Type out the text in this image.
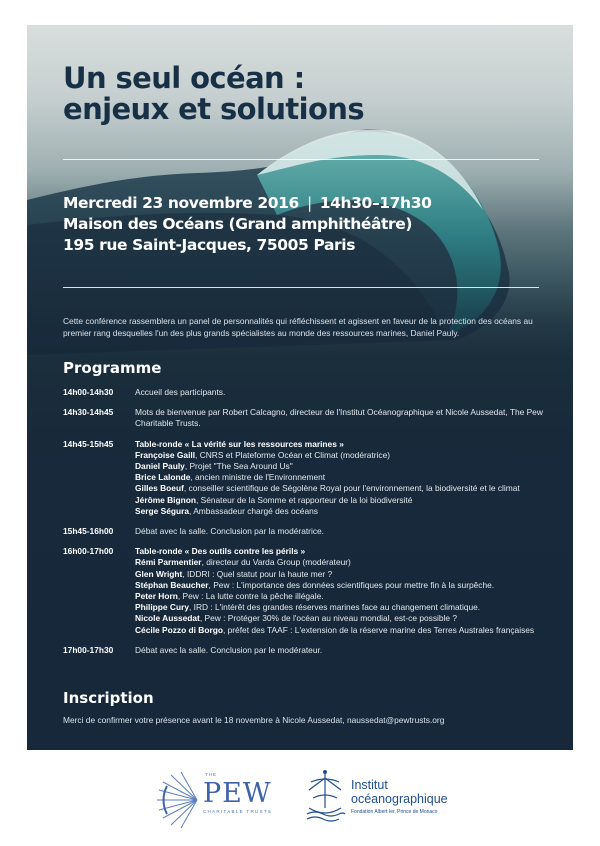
Un seul océan :
enjeux et solutions
Mercredi 23 novembre 2016 | 14h30–17h30
Maison des Océans (Grand amphithéâtre)
195 rue Saint-Jacques, 75005 Paris

Cette conférence rassemblera un panel de personnalités qui réfléchissent et agissent en faveur de la protection des océans au premier rang desquelles l'un des plus grands spécialistes au monde des ressources marines, Daniel Pauly.

Programme
14h00-14h30	Accueil des participants.
14h30-14h45	Mots de bienvenue par Robert Calcagno, directeur de l'Institut Océanographique et Nicole Aussedat, The Pew Charitable Trusts.
14h45-15h45	Table-ronde « La vérité sur les ressources marines »
Françoise Gaill, CNRS et Plateforme Océan et Climat (modératrice)
Daniel Pauly, Projet "The Sea Around Us"
Brice Lalonde, ancien ministre de l'Environnement
Gilles Boeuf, conseiller scientifique de Ségolène Royal pour l'environnement, la biodiversité et le climat
Jérôme Bignon, Sénateur de la Somme et rapporteur de la loi biodiversité
Serge Ségura, Ambassadeur chargé des océans
15h45-16h00	Débat avec la salle. Conclusion par la modératrice.
16h00-17h00	Table-ronde « Des outils contre les périls »
Rémi Parmentier, directeur du Varda Group (modérateur)
Glen Wright, IDDRI : Quel statut pour la haute mer ?
Stéphan Beaucher, Pew : L'importance des données scientifiques pour mettre fin à la surpêche.
Peter Horn, Pew : La lutte contre la pêche illégale.
Philippe Cury, IRD : L'intérêt des grandes réserves marines face au changement climatique.
Nicole Aussedat, Pew : Protéger 30% de l'océan au niveau mondial, est-ce possible ?
Cécile Pozzo di Borgo, préfet des TAAF : L'extension de la réserve marine des Terres Australes françaises
17h00-17h30	Débat avec la salle. Conclusion par le modérateur.
Inscription

Merci de confirmer votre présence avant le 18 novembre à Nicole Aussedat, naussedat@pewtrusts.org

THE
PEW
CHARITABLE TRUSTS
Institut
océanographique
Fondation Albert Ier, Prince de Monaco
